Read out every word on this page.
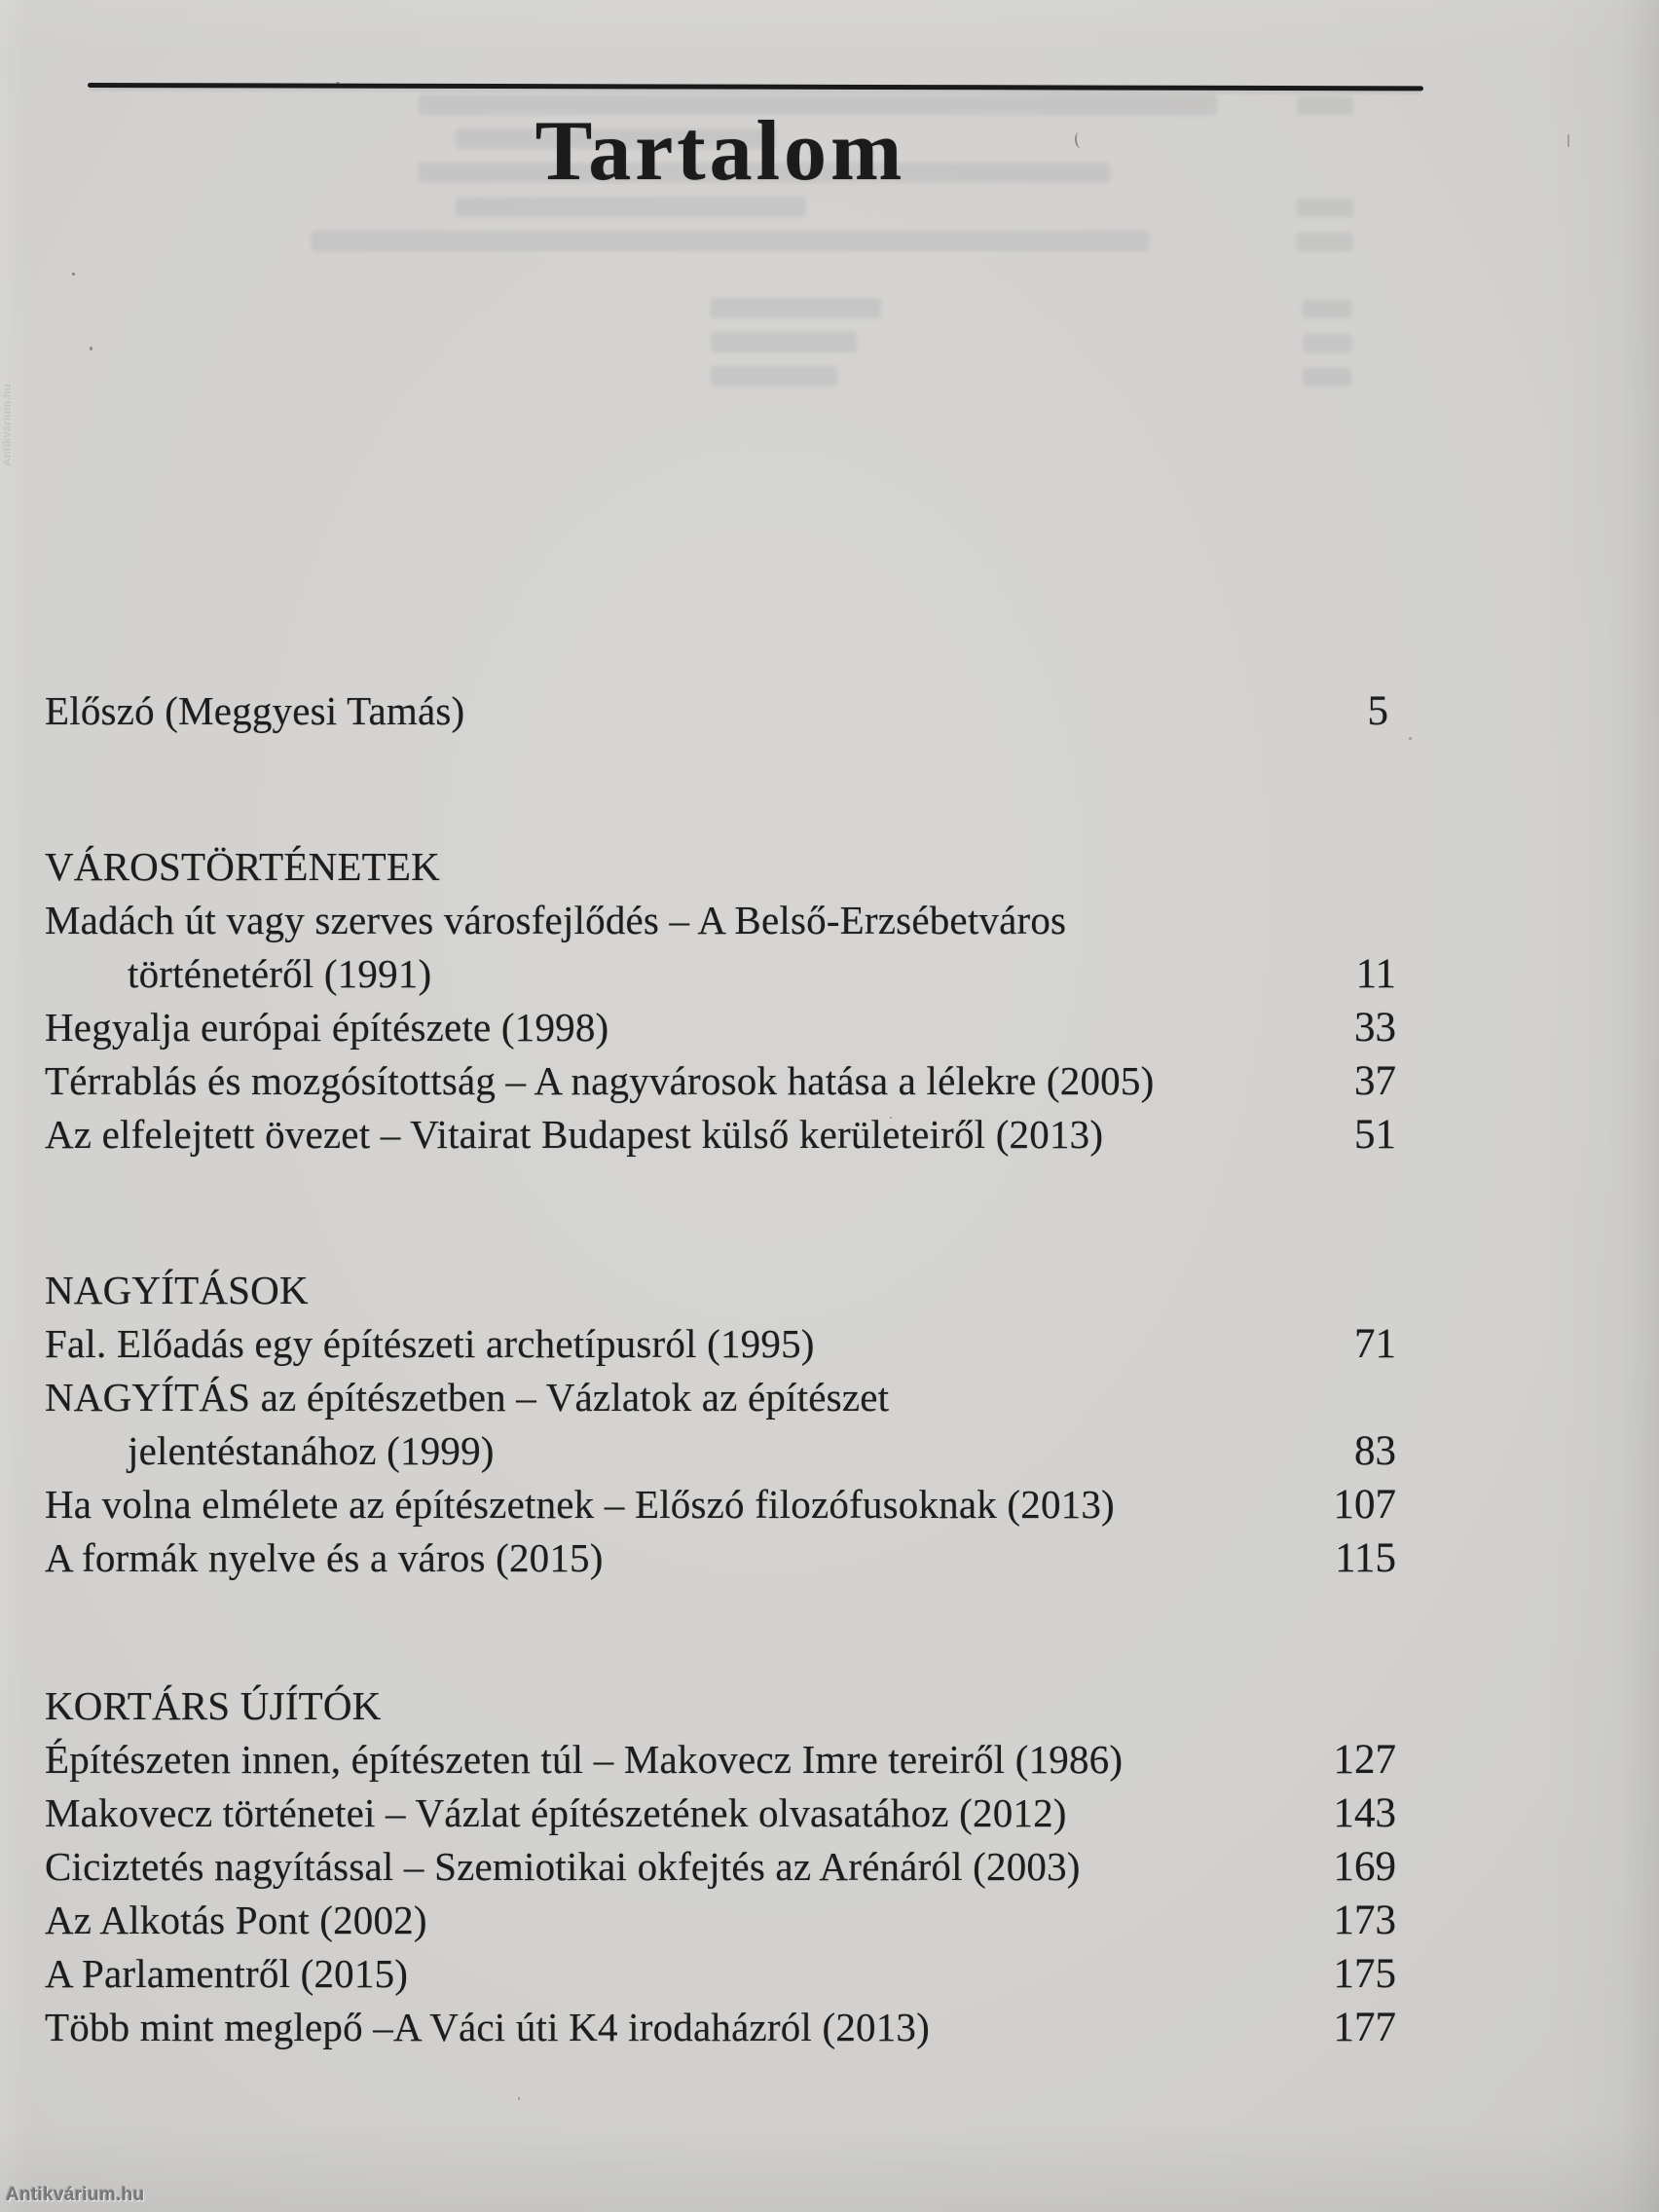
Tartalom
Előszó (Meggyesi Tamás)	5
VÁROSTÖRTÉNETEK
Madách út vagy szerves városfejlődés – A Belső-Erzsébetváros
történetéről (1991)	11
Hegyalja európai építészete (1998)	33
Térrablás és mozgósítottság – A nagyvárosok hatása a lélekre (2005)	37
Az elfelejtett övezet – Vitairat Budapest külső kerületeiről (2013)	51
NAGYÍTÁSOK
Fal. Előadás egy építészeti archetípusról (1995)	71
NAGYÍTÁS az építészetben – Vázlatok az építészet
jelentéstanához (1999)	83
Ha volna elmélete az építészetnek – Előszó filozófusoknak (2013)	107
A formák nyelve és a város (2015)	115
KORTÁRS ÚJÍTÓK
Építészeten innen, építészeten túl – Makovecz Imre tereiről (1986)	127
Makovecz történetei – Vázlat építészetének olvasatához (2012)	143
Ciciztetés nagyítással – Szemiotikai okfejtés az Arénáról (2003)	169
Az Alkotás Pont (2002)	173
A Parlamentről (2015)	175
Több mint meglepő –A Váci úti K4 irodaházról (2013)	177
Antikvárium.hu
Antikvárium.hu
